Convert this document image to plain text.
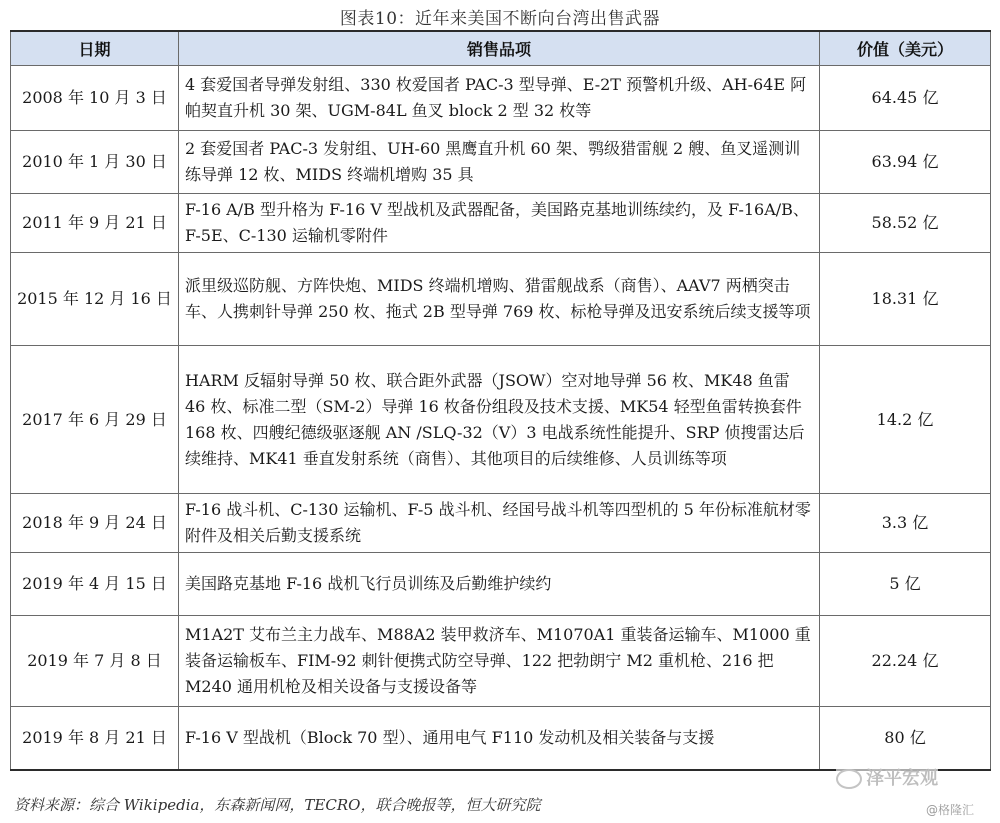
图表10：近年来美国不断向台湾出售武器
日期	销售品项	价值（美元）
2008 年 10 月 3 日	4 套爱国者导弹发射组、330 枚爱国者 PAC-3 型导弹、E-2T 预警机升级、AH-64E 阿帕契直升机 30 架、UGM-84L 鱼叉 block 2 型 32 枚等	64.45 亿
2010 年 1 月 30 日	2 套爱国者 PAC-3 发射组、UH-60 黑鹰直升机 60 架、鹗级猎雷舰 2 艘、鱼叉遥测训练导弹 12 枚、MIDS 终端机增购 35 具	63.94 亿
2011 年 9 月 21 日	F-16 A/B 型升格为 F-16 V 型战机及武器配备，美国路克基地训练续约，及 F-16A/B、F-5E、C-130 运输机零附件	58.52 亿
2015 年 12 月 16 日	派里级巡防舰、方阵快炮、MIDS 终端机增购、猎雷舰战系（商售）、AAV7 两栖突击车、人携刺针导弹 250 枚、拖式 2B 型导弹 769 枚、标枪导弹及迅安系统后续支援等项	18.31 亿
2017 年 6 月 29 日	HARM 反辐射导弹 50 枚、联合距外武器（JSOW）空对地导弹 56 枚、MK48 鱼雷 46 枚、标准二型（SM-2）导弹 16 枚备份组段及技术支援、MK54 轻型鱼雷转换套件 168 枚、四艘纪德级驱逐舰 AN /SLQ-32（V）3 电战系统性能提升、SRP 侦搜雷达后续维持、MK41 垂直发射系统（商售）、其他项目的后续维修、人员训练等项	14.2 亿
2018 年 9 月 24 日	F-16 战斗机、C-130 运输机、F-5 战斗机、经国号战斗机等四型机的 5 年份标准航材零附件及相关后勤支援系统	3.3 亿
2019 年 4 月 15 日	美国路克基地 F-16 战机飞行员训练及后勤维护续约	5 亿
2019 年 7 月 8 日	M1A2T 艾布兰主力战车、M88A2 装甲救济车、M1070A1 重装备运输车、M1000 重装备运输板车、FIM-92 刺针便携式防空导弹、122 把勃朗宁 M2 重机枪、216 把 M240 通用机枪及相关设备与支援设备等	22.24 亿
2019 年 8 月 21 日	F-16 V 型战机（Block 70 型）、通用电气 F110 发动机及相关装备与支援	80 亿
泽平宏观
资料来源：综合 Wikipedia，东森新闻网，TECRO，联合晚报等，恒大研究院	@格隆汇
